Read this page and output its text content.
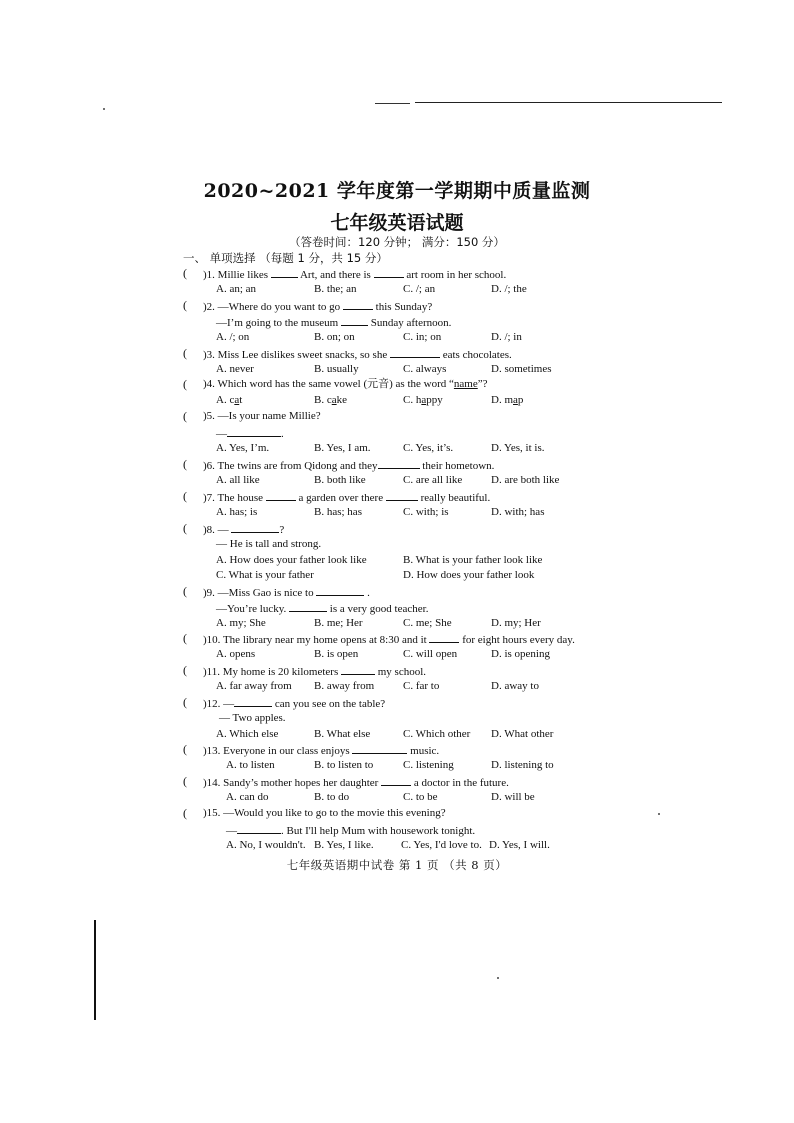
2020~2021 学年度第一学期期中质量监测
七年级英语试题
（答卷时间：120 分钟； 满分：150 分）
一、 单项选择 （每题 1 分，共 15 分）
( )1. Millie likes  Art, and there is	art room in her school.
A. an; an	B. the; an	C. /; an	D. /; the
( )2. —Where do you want to go	this Sunday?
—I’m going to the museum  Sunday afternoon.
A. /; on	B. on; on	C. in; on	D. /; in
( )3. Miss Lee dislikes sweet snacks, so she	eats chocolates.
A. never	B. usually	C. always	D. sometimes
( )4. Which word has the same vowel (元音) as the word “name”?
A. cat	B. cake	C. happy	D. map
( )5. —Is your name Millie?
—	.
A. Yes, I’m.	B. Yes, I am.	C. Yes, it’s.	D. Yes, it is.
( )6. The twins are from Qidong and they	their hometown.
A. all like	B. both like	C. are all like	D. are both like
( )7. The house	a garden over there	really beautiful.
A. has; is	B. has; has	C. with; is	D. with; has
( )8. —	?
— He is tall and strong.
A. How does your father look like	B. What is your father look like
C. What is your father	D. How does your father look
( )9. —Miss Gao is nice to	.
—You’re lucky.	is a very good teacher.
A. my; She	B. me; Her	C. me; She	D. my; Her
( )10. The library near my home opens at 8:30 and it	for eight hours every day.
A. opens	B. is open	C. will open	D. is opening
( )11. My home is 20 kilometers	my school.
A. far away from B. away from	C. far to	D. away to
( )12. —	can you see on the table?
— Two apples.
A. Which else	B. What else	C. Which other D. What other
( )13. Everyone in our class enjoys	music.
A. to listen	B. to listen to	C. listening	D. listening to
( )14. Sandy’s mother hopes her daughter	a doctor in the future.
A. can do	B. to do	C. to be	D. will be
( )15. —Would you like to go to the movie this evening?
—	. But I'll help Mum with housework tonight.
A. No, I wouldn't. B. Yes, I like. C. Yes, I'd love to. D. Yes, I will.
七年级英语期中试卷 第 1 页 （共 8 页）
